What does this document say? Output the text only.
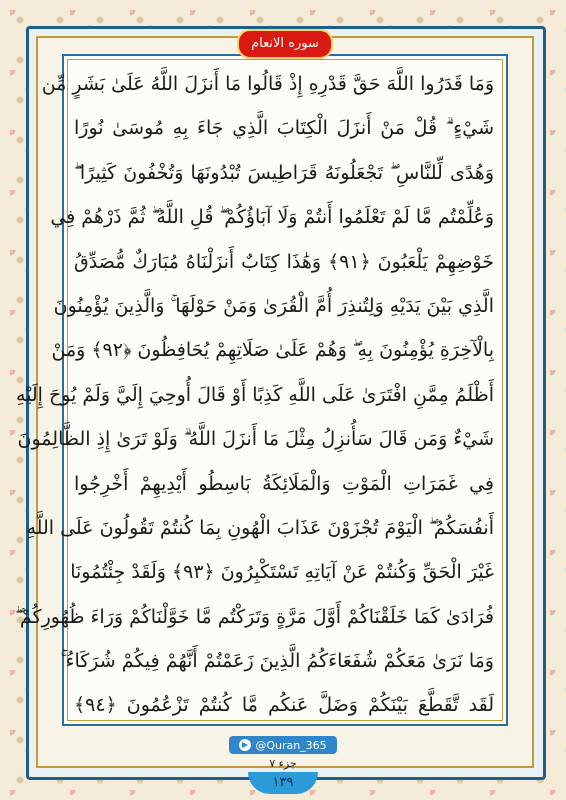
سوره الانعام
وَمَا قَدَرُوا اللَّهَ حَقَّ قَدْرِهِ إِذْ قَالُوا مَا أَنزَلَ اللَّهُ عَلَىٰ بَشَرٍ مِّن
شَيْءٍ ۗ قُلْ مَنْ أَنزَلَ الْكِتَابَ الَّذِي جَاءَ بِهِ مُوسَىٰ نُورًا
وَهُدًى لِّلنَّاسِ ۖ تَجْعَلُونَهُ قَرَاطِيسَ تُبْدُونَهَا وَتُخْفُونَ كَثِيرًا ۖ
وَعُلِّمْتُم مَّا لَمْ تَعْلَمُوا أَنتُمْ وَلَا آبَاؤُكُمْ ۖ قُلِ اللَّهُ ۖ ثُمَّ ذَرْهُمْ فِي
خَوْضِهِمْ يَلْعَبُونَ ﴿٩١﴾ وَهَٰذَا كِتَابٌ أَنزَلْنَاهُ مُبَارَكٌ مُّصَدِّقُ
الَّذِي بَيْنَ يَدَيْهِ وَلِتُنذِرَ أُمَّ الْقُرَىٰ وَمَنْ حَوْلَهَا ۚ وَالَّذِينَ يُؤْمِنُونَ
بِالْآخِرَةِ يُؤْمِنُونَ بِهِ ۖ وَهُمْ عَلَىٰ صَلَاتِهِمْ يُحَافِظُونَ ﴿٩٢﴾ وَمَنْ
أَظْلَمُ مِمَّنِ افْتَرَىٰ عَلَى اللَّهِ كَذِبًا أَوْ قَالَ أُوحِيَ إِلَيَّ وَلَمْ يُوحَ إِلَيْهِ
شَيْءٌ وَمَن قَالَ سَأُنزِلُ مِثْلَ مَا أَنزَلَ اللَّهُ ۗ وَلَوْ تَرَىٰ إِذِ الظَّالِمُونَ
فِي غَمَرَاتِ الْمَوْتِ وَالْمَلَائِكَةُ بَاسِطُو أَيْدِيهِمْ أَخْرِجُوا
أَنفُسَكُمُ ۖ الْيَوْمَ تُجْزَوْنَ عَذَابَ الْهُونِ بِمَا كُنتُمْ تَقُولُونَ عَلَى اللَّهِ
غَيْرَ الْحَقِّ وَكُنتُمْ عَنْ آيَاتِهِ تَسْتَكْبِرُونَ ﴿٩٣﴾ وَلَقَدْ جِئْتُمُونَا
فُرَادَىٰ كَمَا خَلَقْنَاكُمْ أَوَّلَ مَرَّةٍ وَتَرَكْتُم مَّا خَوَّلْنَاكُمْ وَرَاءَ ظُهُورِكُمْ ۖ
وَمَا نَرَىٰ مَعَكُمْ شُفَعَاءَكُمُ الَّذِينَ زَعَمْتُمْ أَنَّهُمْ فِيكُمْ شُرَكَاءُ ۚ
لَقَد تَّقَطَّعَ بَيْنَكُمْ وَضَلَّ عَنكُم مَّا كُنتُمْ تَزْعُمُونَ ﴿٩٤﴾
@Quran_365
جزء ۷
۱۳۹
